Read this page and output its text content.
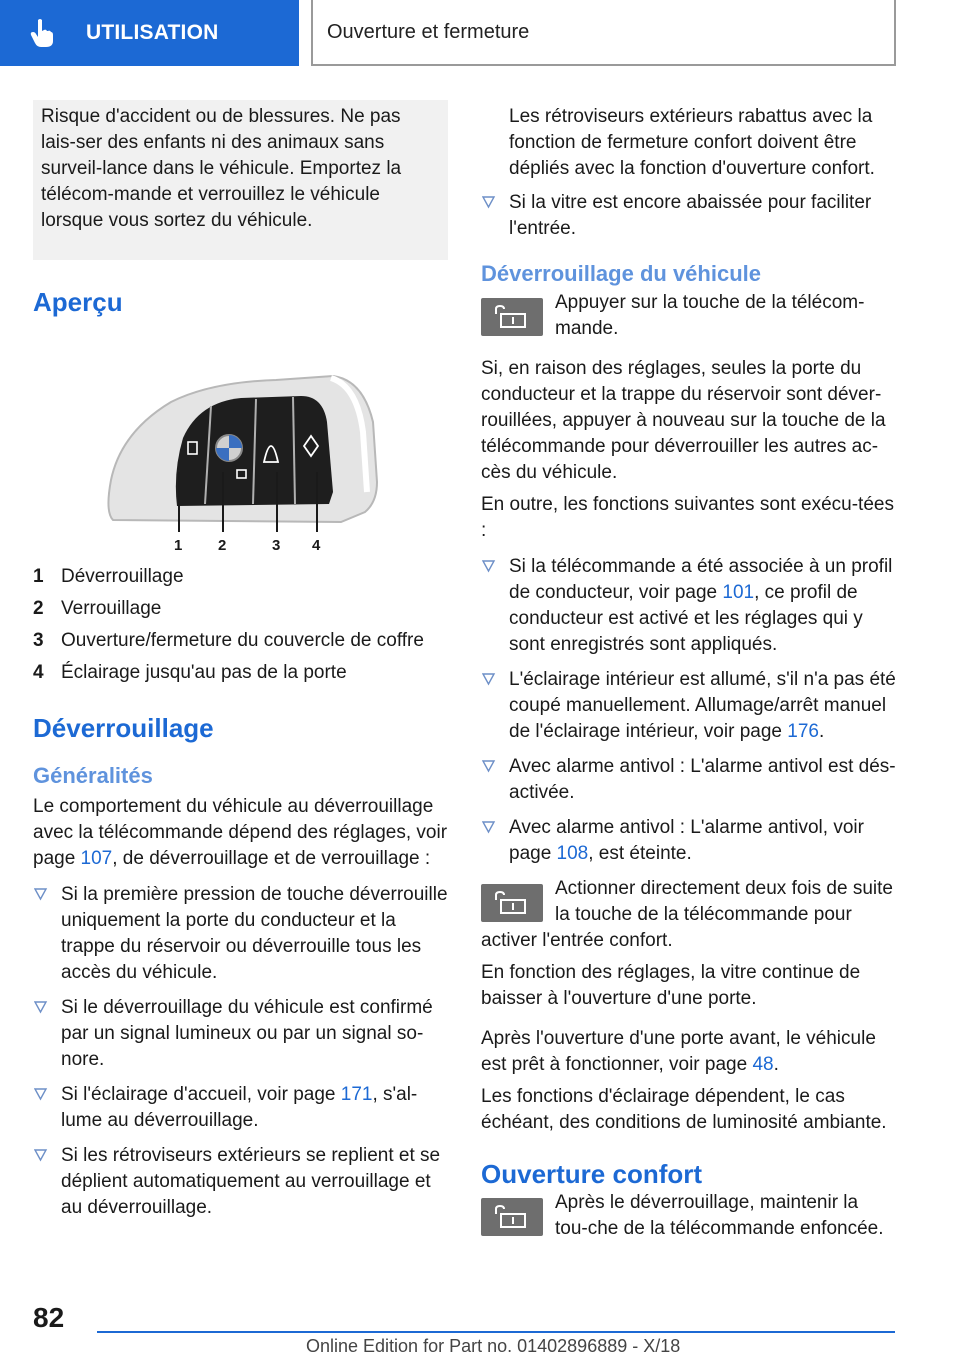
UTILISATION	Ouverture et fermeture
Risque d'accident ou de blessures. Ne pas lais‐ser des enfants ni des animaux sans surveil‐lance dans le véhicule. Emportez la télécom‐mande et verrouillez le véhicule lorsque vous sortez du véhicule.
Aperçu
1 2	3 4
1 Déverrouillage
2 Verrouillage
3 Ouverture/fermeture du couvercle de coffre
4 Éclairage jusqu'au pas de la porte
Déverrouillage
Généralités

Le comportement du véhicule au déverrouillage avec la télécommande dépend des réglages, voir page 107, de déverrouillage et de verrouillage :

Si la première pression de touche déverrouille uniquement la porte du conducteur et la trappe du réservoir ou déverrouille tous les accès du véhicule.
Si le déverrouillage du véhicule est confirmé par un signal lumineux ou par un signal so‐nore.
Si l'éclairage d'accueil, voir page 171, s'al‐lume au déverrouillage.
Si les rétroviseurs extérieurs se replient et se déplient automatiquement au verrouillage et au déverrouillage.

Les rétroviseurs extérieurs rabattus avec la fonction de fermeture confort doivent être dépliés avec la fonction d'ouverture confort.

Si la vitre est encore abaissée pour faciliter l'entrée.
Déverrouillage du véhicule

Appuyer sur la touche de la télécom‐mande.

Si, en raison des réglages, seules la porte du conducteur et la trappe du réservoir sont déver‐rouillées, appuyer à nouveau sur la touche de la télécommande pour déverrouiller les autres ac‐cès du véhicule.

En outre, les fonctions suivantes sont exécu‐tées :

Si la télécommande a été associée à un profil de conducteur, voir page 101, ce profil de conducteur est activé et les réglages qui y sont enregistrés sont appliqués.
L'éclairage intérieur est allumé, s'il n'a pas été coupé manuellement. Allumage/arrêt manuel de l'éclairage intérieur, voir page 176.
Avec alarme antivol : L'alarme antivol est dés‐activée.
Avec alarme antivol : L'alarme antivol, voir page 108, est éteinte.

Actionner directement deux fois de suite la touche de la télécommande pour activer l'entrée confort.

En fonction des réglages, la vitre continue de baisser à l'ouverture d'une porte.

Après l'ouverture d'une porte avant, le véhicule est prêt à fonctionner, voir page 48.

Les fonctions d'éclairage dépendent, le cas échéant, des conditions de luminosité ambiante.

Ouverture confort

Après le déverrouillage, maintenir la tou‐che de la télécommande enfoncée.

82
Online Edition for Part no. 01402896889 - X/18
